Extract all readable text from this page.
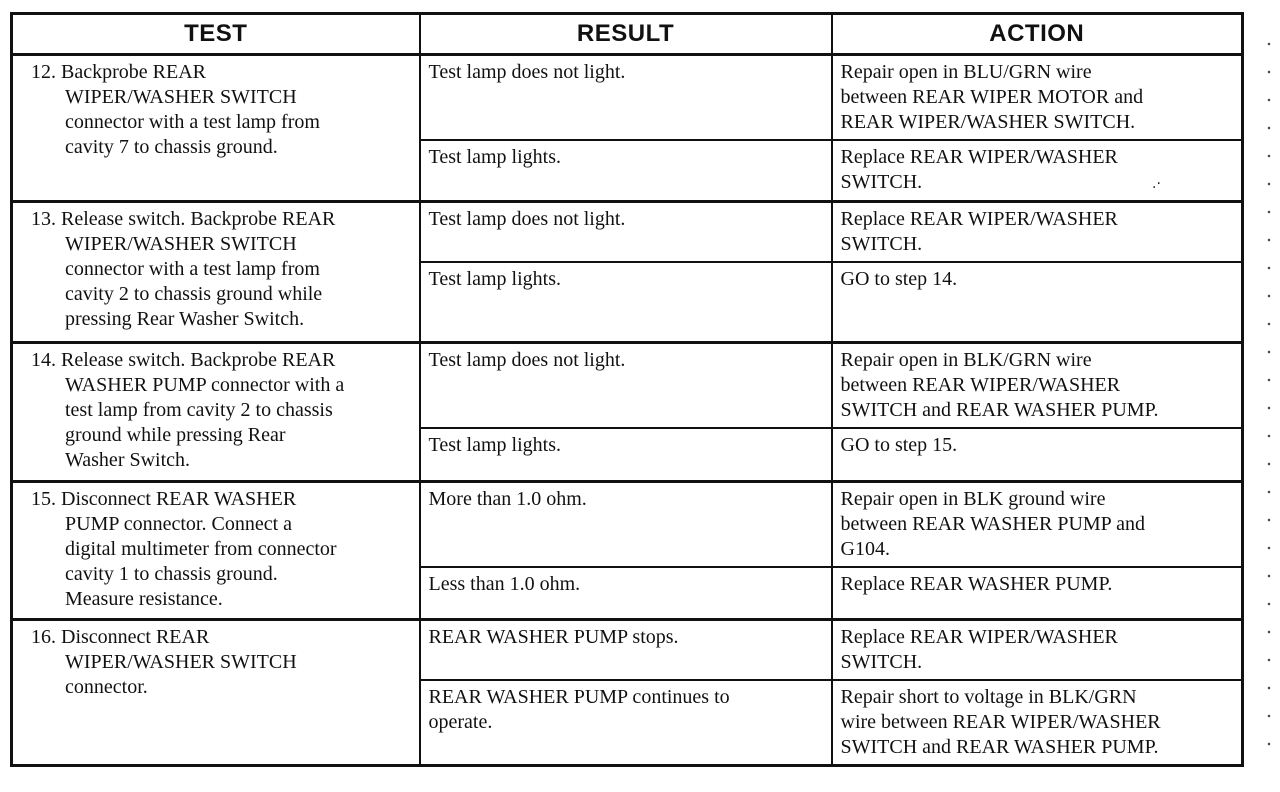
TEST	RESULT	ACTION

12. Backprobe REAR
WIPER/WASHER SWITCH
connector with a test lamp from
cavity 7 to chassis ground.	Test lamp does not light.	Repair open in BLU/GRN wire
between REAR WIPER MOTOR and
REAR WIPER/WASHER SWITCH.
	Test lamp lights.	Replace REAR WIPER/WASHER
SWITCH.

13. Release switch. Backprobe REAR
WIPER/WASHER SWITCH
connector with a test lamp from
cavity 2 to chassis ground while
pressing Rear Washer Switch.	Test lamp does not light.	Replace REAR WIPER/WASHER
SWITCH.
	Test lamp lights.	GO to step 14.

14. Release switch. Backprobe REAR
WASHER PUMP connector with a
test lamp from cavity 2 to chassis
ground while pressing Rear
Washer Switch.	Test lamp does not light.	Repair open in BLK/GRN wire
between REAR WIPER/WASHER
SWITCH and REAR WASHER PUMP.
	Test lamp lights.	GO to step 15.

15. Disconnect REAR WASHER
PUMP connector. Connect a
digital multimeter from connector
cavity 1 to chassis ground.
Measure resistance.	More than 1.0 ohm.	Repair open in BLK ground wire
between REAR WASHER PUMP and
G104.
	Less than 1.0 ohm.	Replace REAR WASHER PUMP.

16. Disconnect REAR
WIPER/WASHER SWITCH
connector.	REAR WASHER PUMP stops.	Replace REAR WIPER/WASHER
SWITCH.
	REAR WASHER PUMP continues to
operate.	Repair short to voltage in BLK/GRN
wire between REAR WIPER/WASHER
SWITCH and REAR WASHER PUMP.
.·
